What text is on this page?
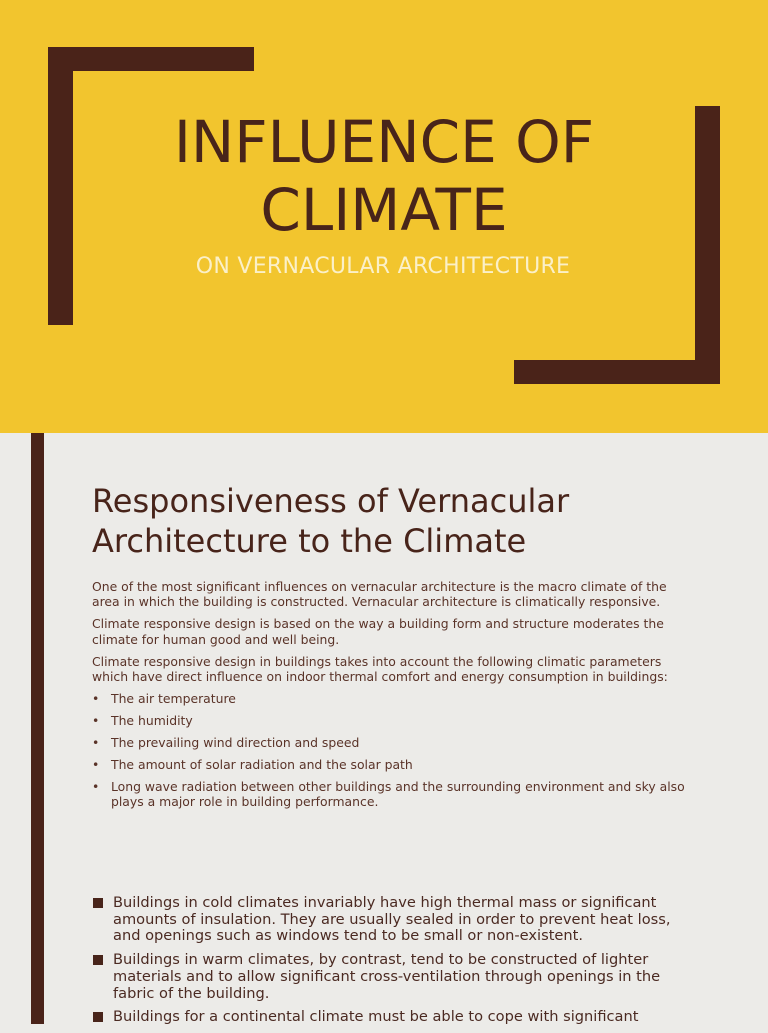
INFLUENCE OF
CLIMATE
ON VERNACULAR ARCHITECTURE
Responsiveness of Vernacular
Architecture to the Climate

One of the most significant influences on vernacular architecture is the macro climate of the area in which the building is constructed. Vernacular architecture is climatically responsive.

Climate responsive design is based on the way a building form and structure moderates the climate for human good and well being.

Climate responsive design in buildings takes into account the following climatic parameters which have direct influence on indoor thermal comfort and energy consumption in buildings:

• The air temperature
• The humidity
• The prevailing wind direction and speed
• The amount of solar radiation and the solar path
• Long wave radiation between other buildings and the surrounding environment and sky also plays a major role in building performance.
Buildings in cold climates invariably have high thermal mass or significant amounts of insulation. They are usually sealed in order to prevent heat loss, and openings such as windows tend to be small or non-existent.
Buildings in warm climates, by contrast, tend to be constructed of lighter materials and to allow significant cross-ventilation through openings in the fabric of the building.
Buildings for a continental climate must be able to cope with significant
